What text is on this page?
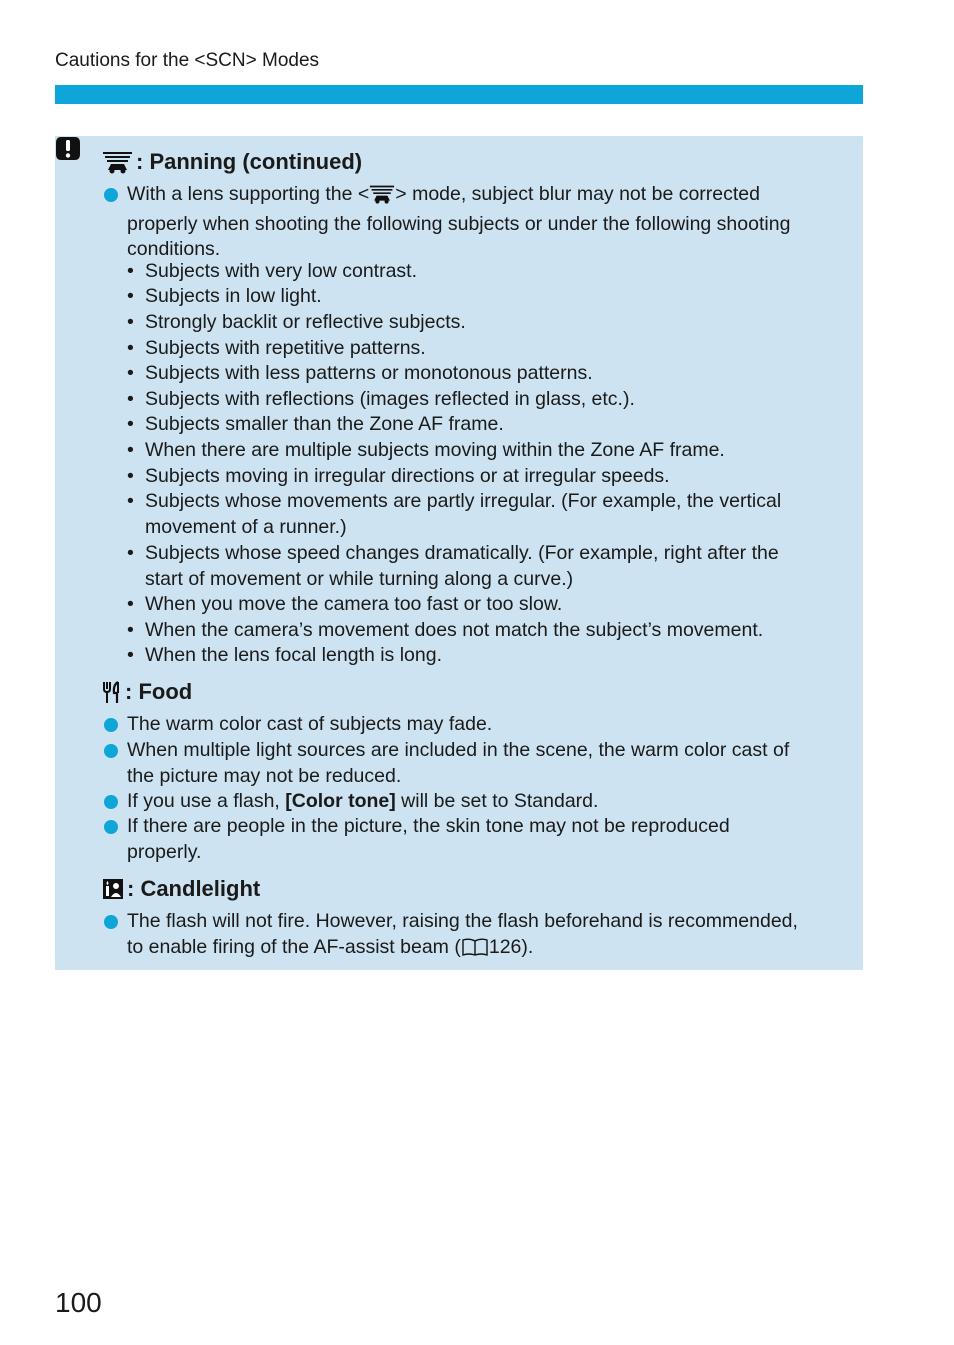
Cautions for the <SCN> Modes
: Panning (continued)
With a lens supporting the < > mode, subject blur may not be corrected
properly when shooting the following subjects or under the following shooting
conditions.
• Subjects with very low contrast.
• Subjects in low light.
• Strongly backlit or reflective subjects.
• Subjects with repetitive patterns.
• Subjects with less patterns or monotonous patterns.
• Subjects with reflections (images reflected in glass, etc.).
• Subjects smaller than the Zone AF frame.
• When there are multiple subjects moving within the Zone AF frame.
• Subjects moving in irregular directions or at irregular speeds.
• Subjects whose movements are partly irregular. (For example, the vertical
movement of a runner.)
• Subjects whose speed changes dramatically. (For example, right after the
start of movement or while turning along a curve.)
• When you move the camera too fast or too slow.
• When the camera’s movement does not match the subject’s movement.
• When the lens focal length is long.
: Food
The warm color cast of subjects may fade.
When multiple light sources are included in the scene, the warm color cast of
the picture may not be reduced.
If you use a flash, [Color tone] will be set to Standard.
If there are people in the picture, the skin tone may not be reproduced
properly.
: Candlelight
The flash will not fire. However, raising the flash beforehand is recommended,
to enable firing of the AF-assist beam ( 126).
100
